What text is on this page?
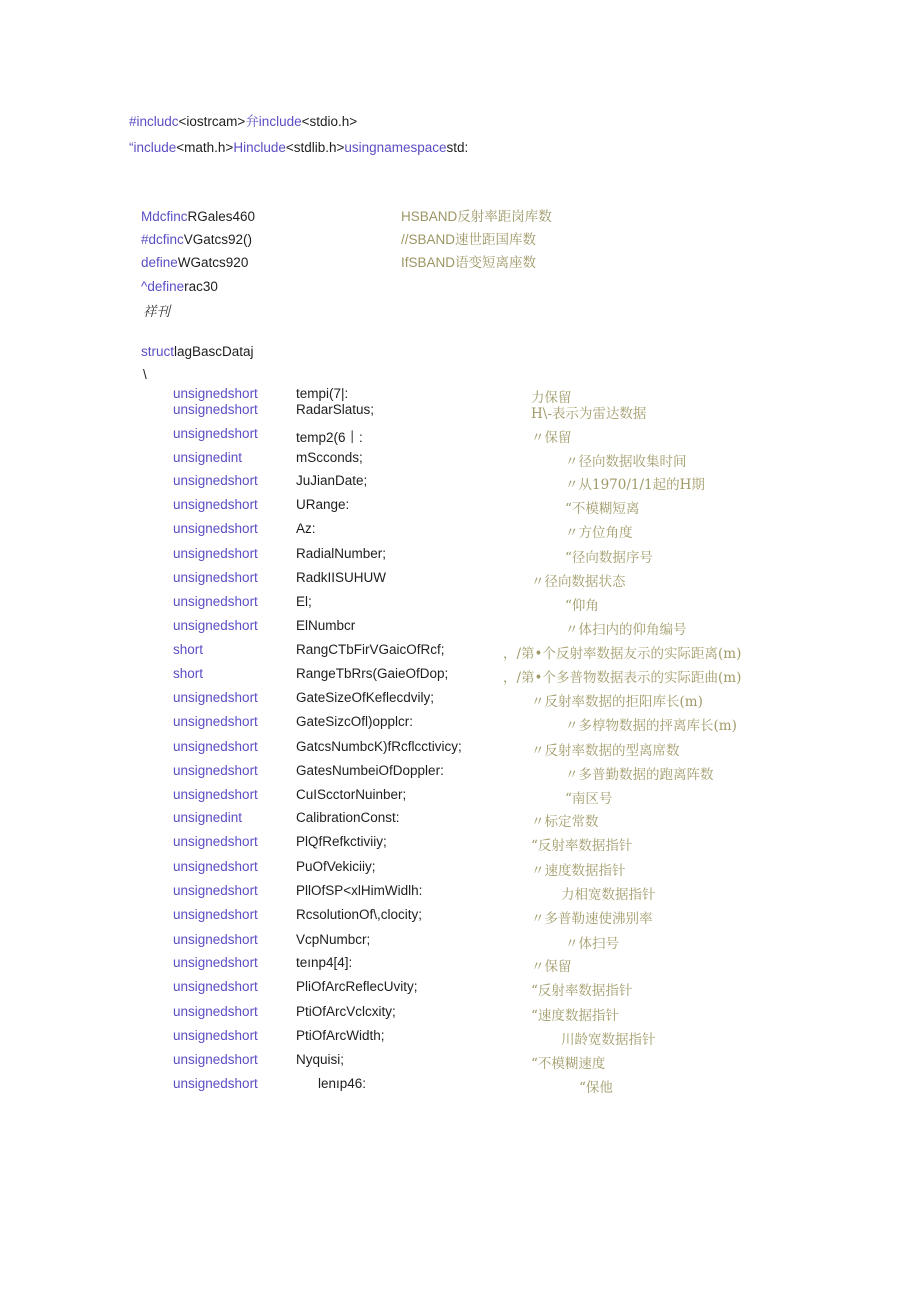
#includc<iostrcam>弁include<stdio.h>
“include<math.h>Hinclude<stdlib.h>usingnamespacestd:
MdcfincRGales460	HSBAND反射率距岗库数
#dcfincVGatcs92()	//SBAND速世距国库数
defineWGatcs920	IfSBAND语变短离座数
^definerac30
祥刊
structlagBascDataj
\
unsignedshort	tempi(7|:	力保留
unsignedshort	RadarSlatus;	H\-表示为雷达数据
unsignedshort	temp2(6丨:	〃保留
unsignedint	mScconds;	〃径向数据收集时间
unsignedshort	JuJianDate;	〃从1970/1/1起的H期
unsignedshort	URange:	“不模糊短离
unsignedshort	Az:	〃方位角度
unsignedshort	RadialNumber;	“径向数据序号
unsignedshort	RadkIISUHUW	〃径向数据状态
unsignedshort	El;	“仰角
unsignedshort	ElNumbcr	〃体扫内的仰角编号
short	RangCTbFirVGaicOfRcf;	，/第•个反射率数据友示的实际距离(m)
short	RangeTbRrs(GaieOfDop;	，/第•个多普物数据表示的实际距曲(m)
unsignedshort	GateSizeOfKeflecdvily;	〃反射率数据的拒阳库长(m)
unsignedshort	GateSizcOfl)opplcr:	〃多椁物数据的抨离库长(m)
unsignedshort	GatcsNumbcK)fRcflcctivicy;	〃反射率数据的型离席数
unsignedshort	GatesNumbeiOfDoppler:	〃多普勤数据的跑离阵数
unsignedshort	CuISccto​rNuinber;	“南区号
unsignedint	CalibrationConst:	〃标定常数
unsignedshort	PlQfRefkctiviiy;	“反射率数据指针
unsignedshort	PuOfVekiciiy;	〃速度数据指针
unsignedshort	PllOfSP<xlHimWidlh:	力相宽数据指针
unsignedshort	RcsolutionOf\,clocity;	〃多普勒速使沸别率
unsignedshort	VcpNumbcr;	〃体扫号
unsignedshort	teınp4[4]:	〃保留
unsignedshort	PliOfArcReflecUvity;	“反射率数据指针
unsignedshort	PtiOfArcVclcxity;	“速度数据指针
unsignedshort	PtiOfArcWidth;	川龄宽数据指针
unsignedshort	Nyquisi;	“不模糊速度
unsignedshort	lenıp46:	“保他
